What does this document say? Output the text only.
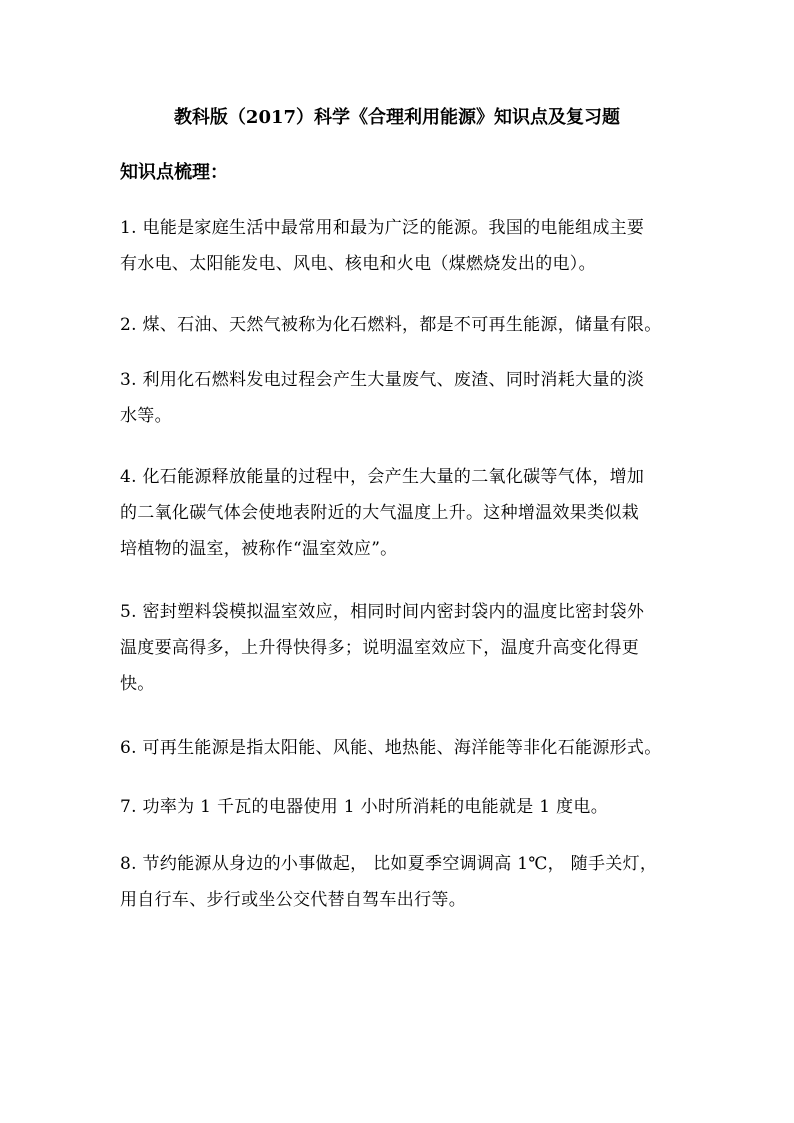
教科版（2017）科学《合理利用能源》知识点及复习题
知识点梳理：
1. 电能是家庭生活中最常用和最为广泛的能源。我国的电能组成主要
有水电、太阳能发电、风电、核电和火电（煤燃烧发出的电）。
2. 煤、石油、天然气被称为化石燃料，都是不可再生能源，储量有限。
3. 利用化石燃料发电过程会产生大量废气、废渣、同时消耗大量的淡
水等。
4. 化石能源释放能量的过程中，会产生大量的二氧化碳等气体，增加
的二氧化碳气体会使地表附近的大气温度上升。这种增温效果类似栽
培植物的温室，被称作“温室效应”。
5. 密封塑料袋模拟温室效应，相同时间内密封袋内的温度比密封袋外
温度要高得多，上升得快得多；说明温室效应下，温度升高变化得更
快。
6. 可再生能源是指太阳能、风能、地热能、海洋能等非化石能源形式。
7. 功率为 1 千瓦的电器使用 1 小时所消耗的电能就是 1 度电。
8. 节约能源从身边的小事做起， 比如夏季空调调高 1℃， 随手关灯，
用自行车、步行或坐公交代替自驾车出行等。
